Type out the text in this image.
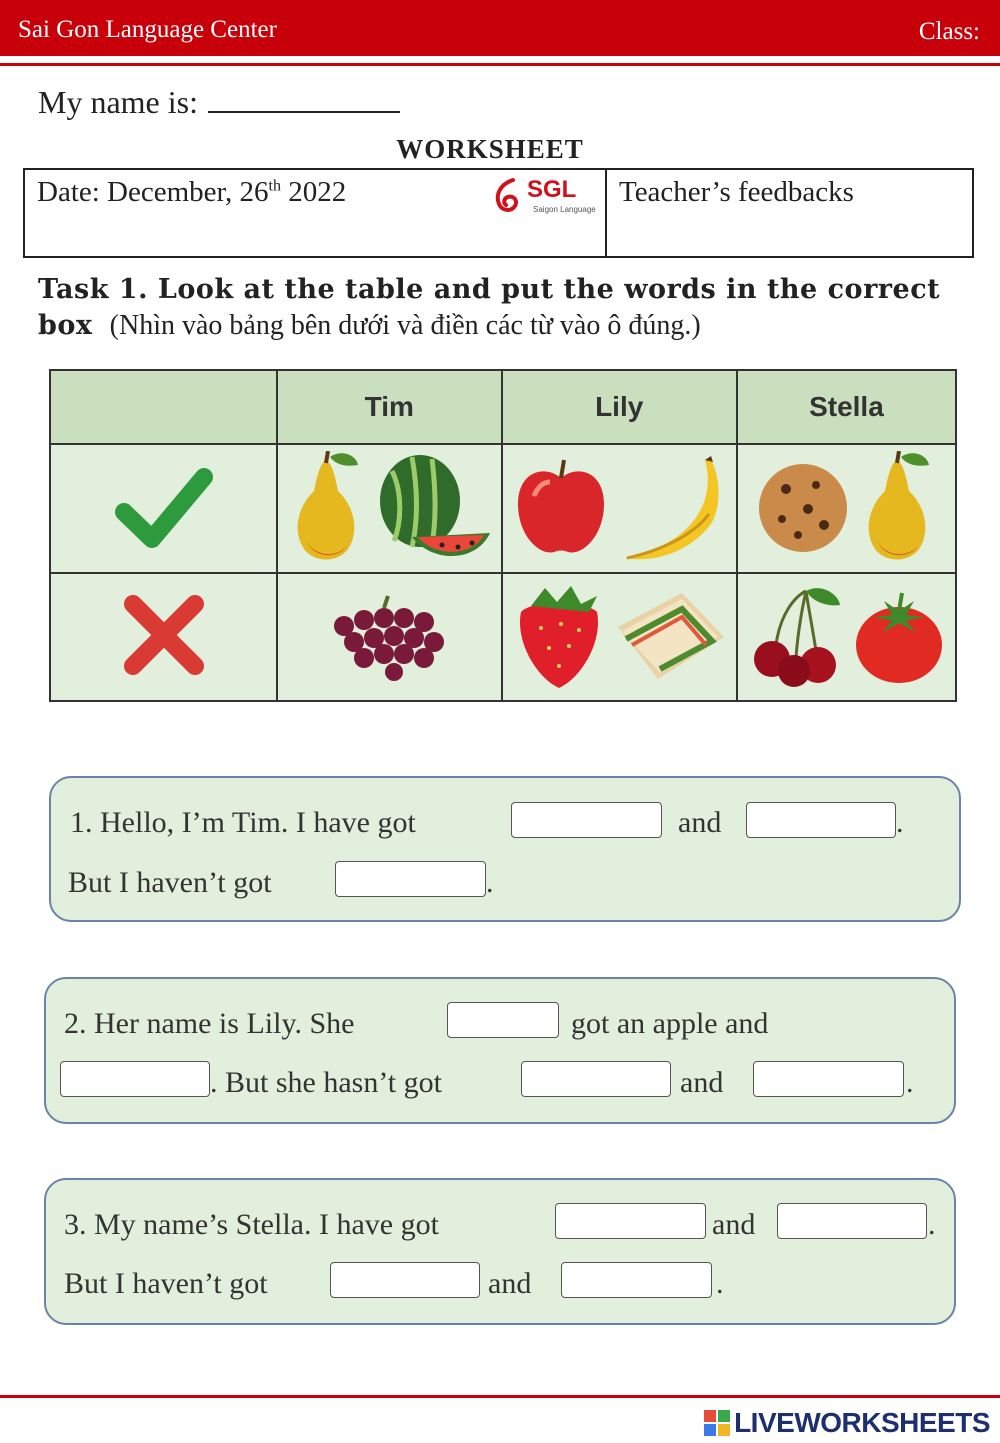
Sai Gon Language Center	Class:
My name is:
WORKSHEET
Date: December, 26th 2022	SGL
Saigon Language
Teacher’s feedbacks
Task 1. Look at the table and put the words in the correct box (Nhìn vào bảng bên dưới và điền các từ vào ô đúng.)
	Tim	Lily	Stella

1. Hello, I’m Tim. I have got	and	.
But I haven’t got	.
2. Her name is Lily. She	got an apple and
. But she hasn’t got	and	.
3. My name’s Stella. I have got	and	.
But I haven’t got	and	.
LIVEWORKSHEETS
